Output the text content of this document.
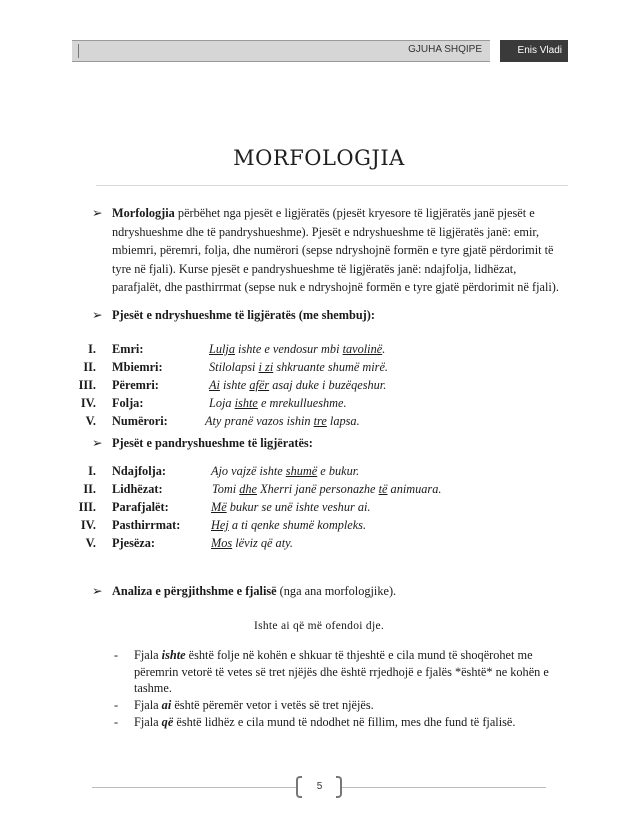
GJUHA SHQIPE	Enis Vladi
MORFOLOGJIA
➢ Morfologjia përbëhet nga pjesët e ligjëratës (pjesët kryesore të ligjëratës janë pjesët e ndryshueshme dhe të pandryshueshme). Pjesët e ndryshueshme të ligjëratës janë: emir, mbiemri, përemri, folja, dhe numërori (sepse ndryshojnë formën e tyre gjatë përdorimit të tyre në fjali). Kurse pjesët e pandryshueshme të ligjëratës janë: ndajfolja, lidhëzat, parafjalët, dhe pasthirrmat (sepse nuk e ndryshojnë formën e tyre gjatë përdorimit në fjali).
➢ Pjesët e ndryshueshme të ligjëratës (me shembuj):
I. Emri:	Lulja ishte e vendosur mbi tavolinë.
II. Mbiemri:	Stilolapsi i zi shkruante shumë mirë.
III. Përemri:	Ai ishte afër asaj duke i buzëqeshur.
IV. Folja:	Loja ishte e mrekullueshme.
V. Numërori:	Aty pranë vazos ishin tre lapsa.
➢ Pjesët e pandryshueshme të ligjëratës:
I. Ndajfolja:	Ajo vajzë ishte shumë e bukur.
II. Lidhëzat:	Tomi dhe Xherri janë personazhe të animuara.
III. Parafjalët:	Më bukur se unë ishte veshur ai.
IV. Pasthirrmat: Hej a ti qenke shumë kompleks.
V. Pjesëza:	Mos lëviz që aty.
➢ Analiza e përgjithshme e fjalisë (nga ana morfologjike).
Ishte ai që më ofendoi dje.
- Fjala ishte është folje në kohën e shkuar të thjeshtë e cila mund të shoqërohet me përemrin vetorë të vetes së tret njëjës dhe është rrjedhojë e fjalës *është* ne kohën e tashme.
- Fjala ai është përemër vetor i vetës së tret njëjës.
- Fjala që është lidhëz e cila mund të ndodhet në fillim, mes dhe fund të fjalisë.
5
